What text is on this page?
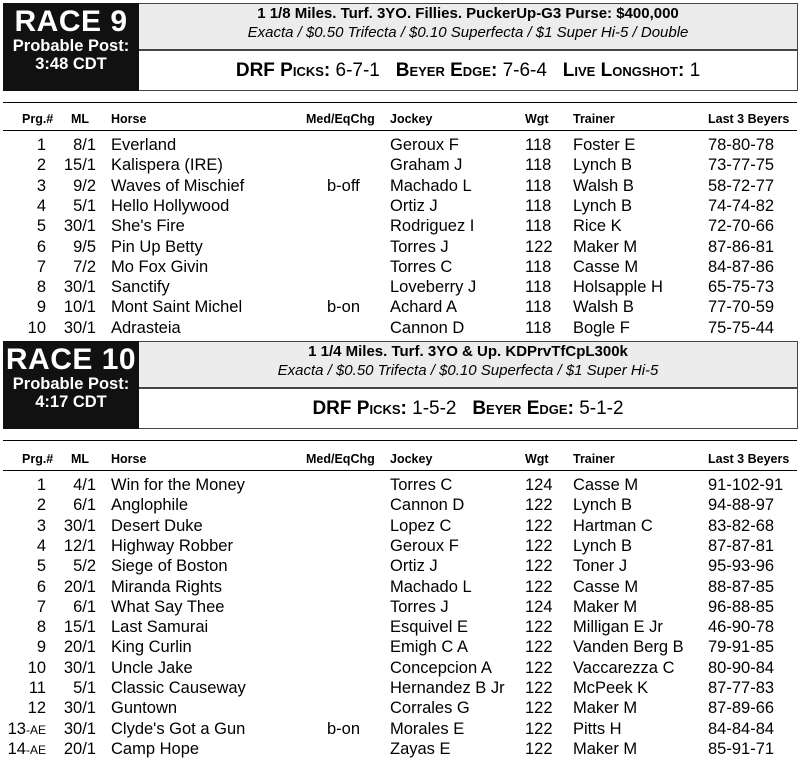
RACE 9
Probable Post:
3:48 CDT
1 1/8 Miles. Turf. 3YO. Fillies. PuckerUp-G3 Purse: $400,000
Exacta / $0.50 Trifecta / $0.10 Superfecta / $1 Super Hi-5 / Double
DRF Picks: 6-7-1 Beyer Edge: 7-6-4 Live Longshot: 1
Prg.# ML Horse	Med/EqChg Jockey	Wgt Trainer	Last 3 Beyers
1	8/1 Everland	Geroux F	118 Foster E	78-80-78
2	15/1 Kalispera (IRE)	Graham J	118 Lynch B	73-77-75
3	9/2 Waves of Mischief	b-off Machado L	118 Walsh B	58-72-77
4	5/1 Hello Hollywood	Ortiz J	118 Lynch B	74-74-82
5	30/1 She's Fire	Rodriguez I	118 Rice K	72-70-66
6	9/5 Pin Up Betty	Torres J	122 Maker M	87-86-81
7	7/2 Mo Fox Givin	Torres C	118 Casse M	84-87-86
8	30/1 Sanctify	Loveberry J	118 Holsapple H	65-75-73
9	10/1 Mont Saint Michel	b-on Achard A	118 Walsh B	77-70-59
10	30/1 Adrasteia	Cannon D	118 Bogle F	75-75-44
RACE 10
Probable Post:
4:17 CDT
1 1/4 Miles. Turf. 3YO & Up. KDPrvTfCpL300k
Exacta / $0.50 Trifecta / $0.10 Superfecta / $1 Super Hi-5
DRF Picks: 1-5-2 Beyer Edge: 5-1-2
Prg.# ML Horse	Med/EqChg Jockey	Wgt Trainer	Last 3 Beyers
1	4/1 Win for the Money	Torres C	124 Casse M	91-102-91
2	6/1 Anglophile	Cannon D	122 Lynch B	94-88-97
3	30/1 Desert Duke	Lopez C	122 Hartman C	83-82-68
4	12/1 Highway Robber	Geroux F	122 Lynch B	87-87-81
5	5/2 Siege of Boston	Ortiz J	122 Toner J	95-93-96
6	20/1 Miranda Rights	Machado L	122 Casse M	88-87-85
7	6/1 What Say Thee	Torres J	124 Maker M	96-88-85
8	15/1 Last Samurai	Esquivel E	122 Milligan E Jr	46-90-78
9	20/1 King Curlin	Emigh C A	122 Vanden Berg B 79-91-85
10	30/1 Uncle Jake	Concepcion A 122 Vaccarezza C 80-90-84
11	5/1 Classic Causeway	Hernandez B Jr 122 McPeek K	87-77-83
12	30/1 Guntown	Corrales G	122 Maker M	87-89-66
13-AE	30/1 Clyde's Got a Gun	b-on Morales E	122 Pitts H	84-84-84
14-AE	20/1 Camp Hope	Zayas E	122 Maker M	85-91-71
